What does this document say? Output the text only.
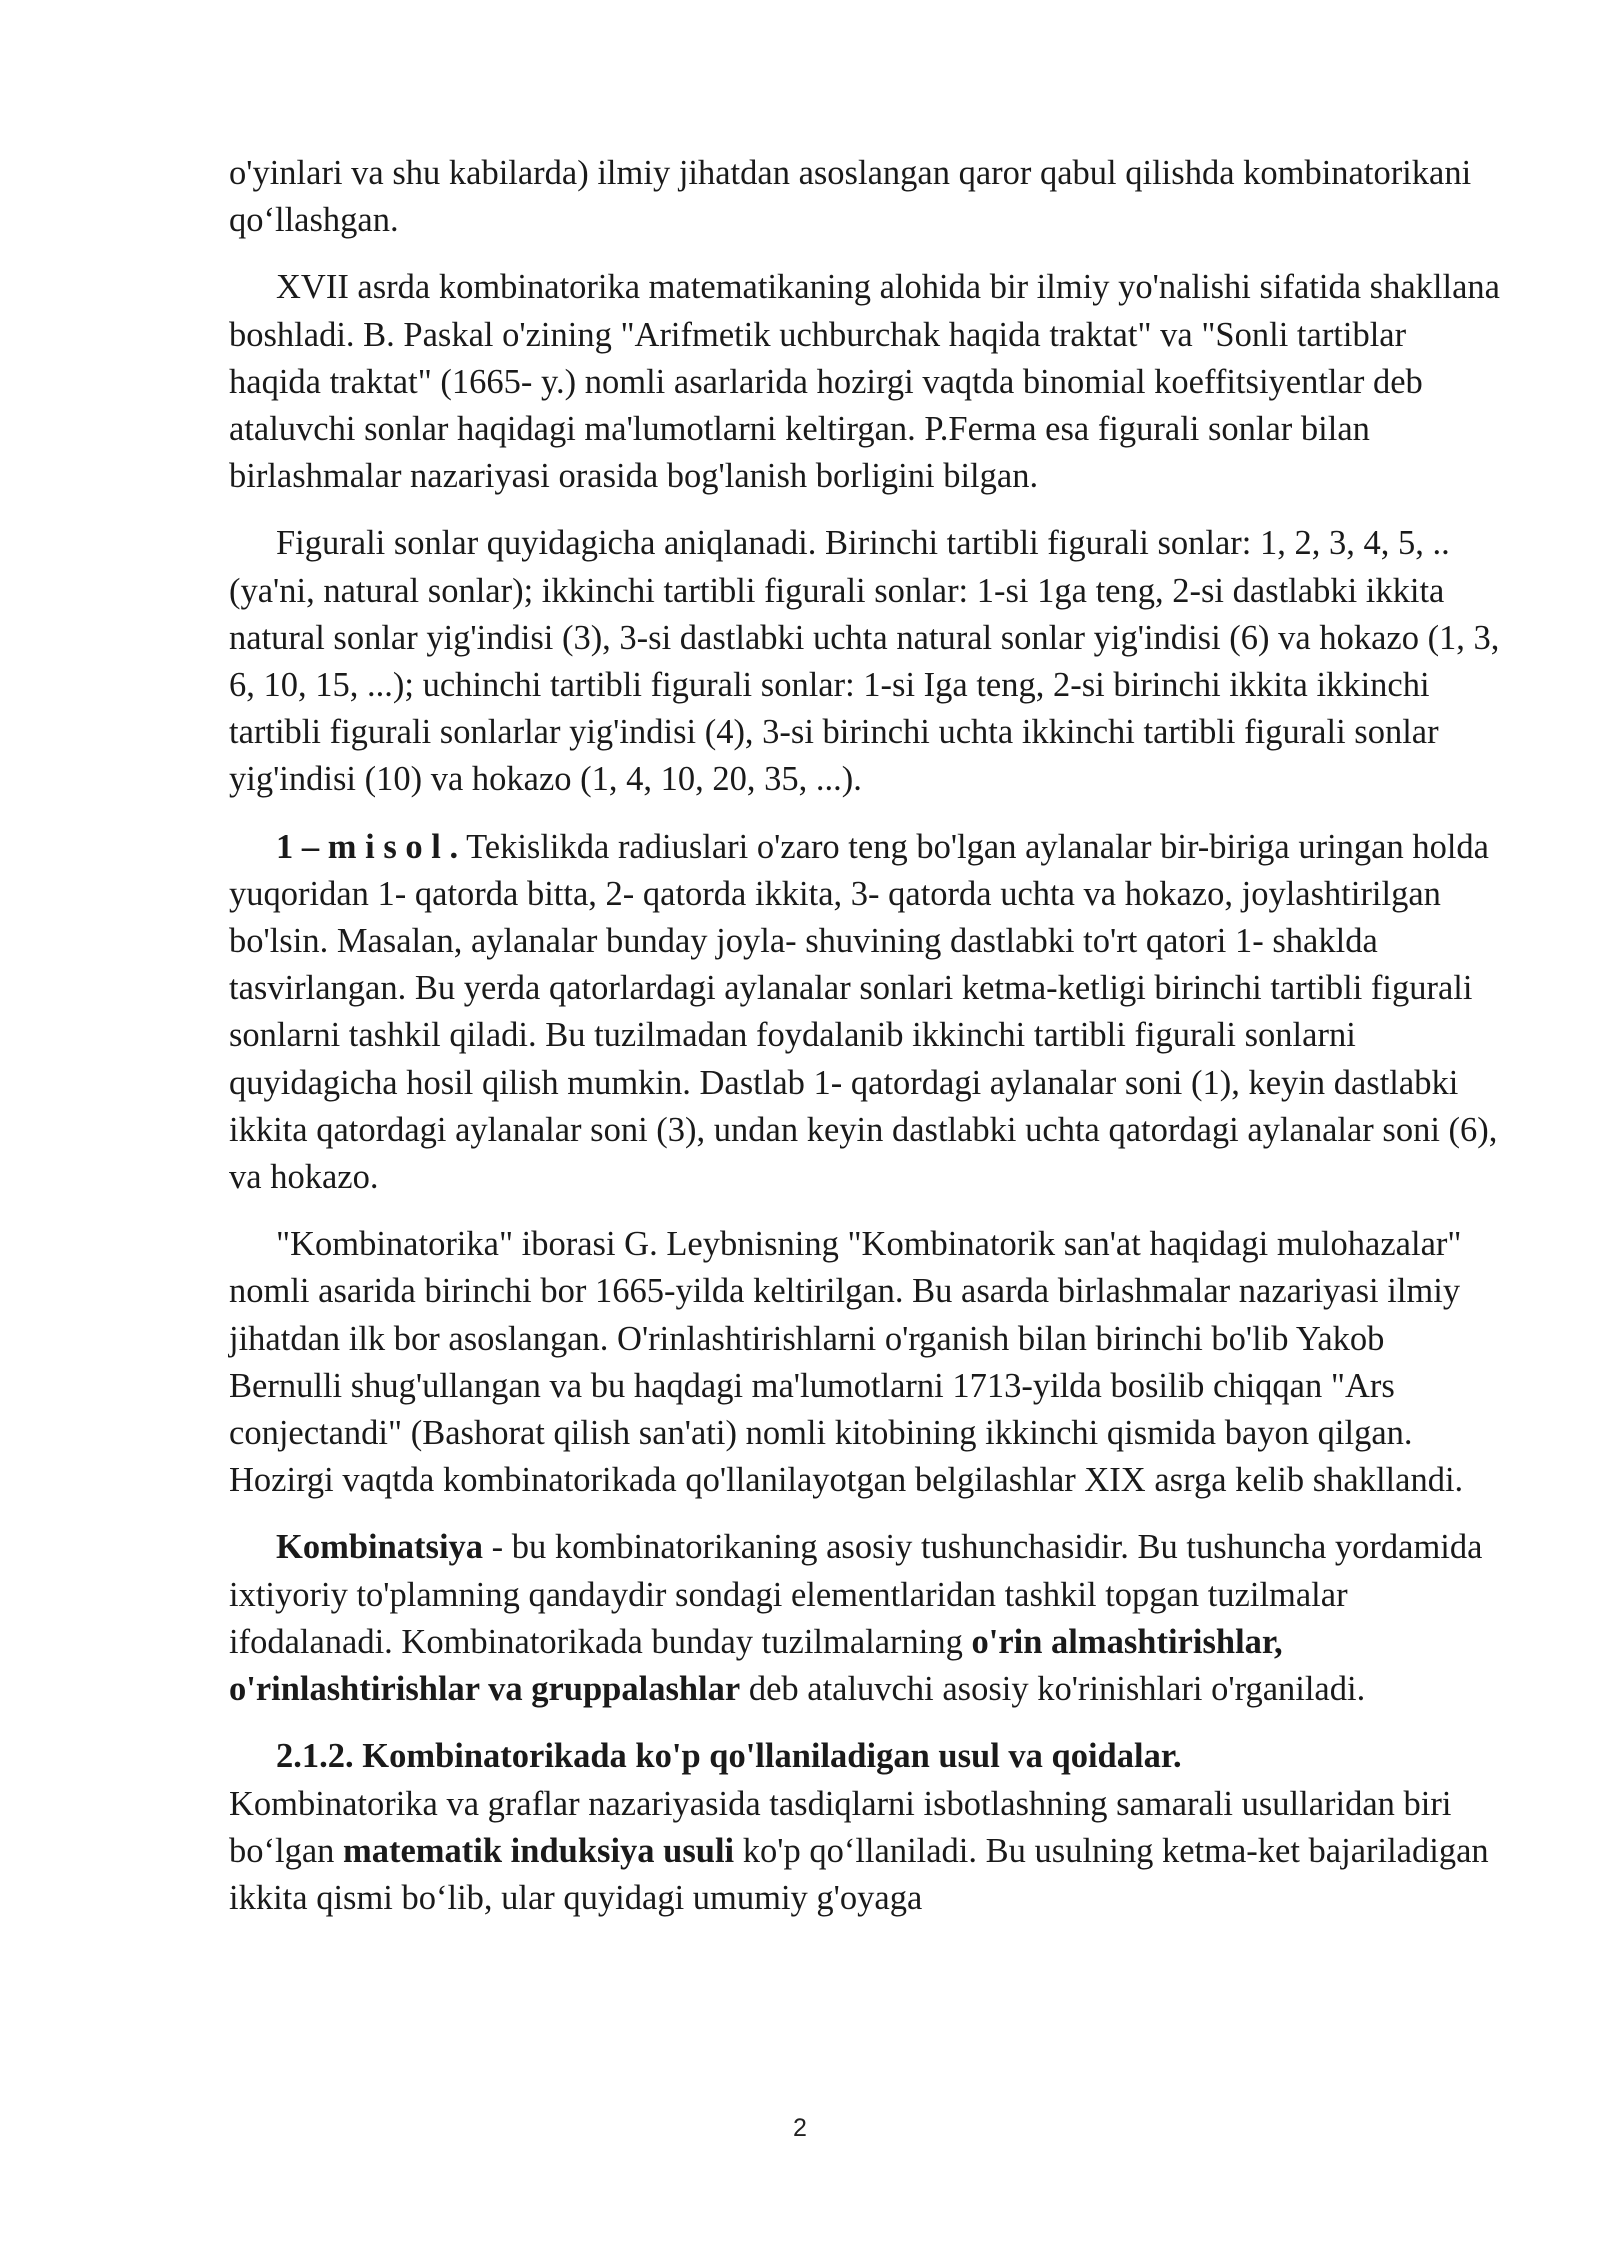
o'yinlari va shu kabilarda) ilmiy jihatdan asoslangan qaror qabul qilishda kombinatorikani qo‘llashgan.

XVII asrda kombinatorika matematikaning alohida bir ilmiy yo'nalishi sifatida shakllana boshladi. B. Paskal o'zining "Arifmetik uchburchak haqida traktat" va "Sonli tartiblar haqida traktat" (1665- y.) nomli asarlarida hozirgi vaqtda binomial koeffitsiyentlar deb ataluvchi sonlar haqidagi ma'lumotlarni keltirgan. P.Ferma esa figurali sonlar bilan birlashmalar nazariyasi orasida bog'lanish borligini bilgan.

Figurali sonlar quyidagicha aniqlanadi. Birinchi tartibli figurali sonlar: 1, 2, 3, 4, 5, .. (ya'ni, natural sonlar); ikkinchi tartibli figurali sonlar: 1-si 1ga teng, 2-si dastlabki ikkita natural sonlar yig'indisi (3), 3-si dastlabki uchta natural sonlar yig'indisi (6) va hokazo (1, 3, 6, 10, 15, ...); uchinchi tartibli figurali sonlar: 1-si Iga teng, 2-si birinchi ikkita ikkinchi tartibli figurali sonlarlar yig'indisi (4), 3-si birinchi uchta ikkinchi tartibli figurali sonlar yig'indisi (10) va hokazo (1, 4, 10, 20, 35, ...).

1 – m i s o l . Tekislikda radiuslari o'zaro teng bo'lgan aylanalar bir-biriga uringan holda yuqoridan 1- qatorda bitta, 2- qatorda ikkita, 3- qatorda uchta va hokazo, joylashtirilgan bo'lsin. Masalan, aylanalar bunday joyla- shuvining dastlabki to'rt qatori 1- shaklda tasvirlangan. Bu yerda qatorlardagi aylanalar sonlari ketma-ketligi birinchi tartibli figurali sonlarni tashkil qiladi. Bu tuzilmadan foydalanib ikkinchi tartibli figurali sonlarni quyidagicha hosil qilish mumkin. Dastlab 1- qatordagi aylanalar soni (1), keyin dastlabki ikkita qatordagi aylanalar soni (3), undan keyin dastlabki uchta qatordagi aylanalar soni (6), va hokazo.

"Kombinatorika" iborasi G. Leybnisning "Kombinatorik san'at haqidagi mulohazalar" nomli asarida birinchi bor 1665-yilda keltirilgan. Bu asarda birlashmalar nazariyasi ilmiy jihatdan ilk bor asoslangan. O'rinlashtirishlarni o'rganish bilan birinchi bo'lib Yakob Bernulli shug'ullangan va bu haqdagi ma'lumotlarni 1713-yilda bosilib chiqqan "Ars conjectandi" (Bashorat qilish san'ati) nomli kitobining ikkinchi qismida bayon qilgan. Hozirgi vaqtda kombinatorikada qo'llanilayotgan belgilashlar XIX asrga kelib shakllandi.

Kombinatsiya - bu kombinatorikaning asosiy tushunchasidir. Bu tushuncha yordamida ixtiyoriy to'plamning qandaydir sondagi elementlaridan tashkil topgan tuzilmalar ifodalanadi. Kombinatorikada bunday tuzilmalarning o'rin almashtirishlar, o'rinlashtirishlar va gruppalashlar deb ataluvchi asosiy ko'rinishlari o'rganiladi.

2.1.2. Kombinatorikada ko'p qo'llaniladigan usul va qoidalar.
Kombinatorika va graflar nazariyasida tasdiqlarni isbotlashning samarali usullaridan biri bo‘lgan matematik induksiya usuli ko'p qo‘llaniladi. Bu usulning ketma-ket bajariladigan ikkita qismi bo‘lib, ular quyidagi umumiy g'oyaga

2
